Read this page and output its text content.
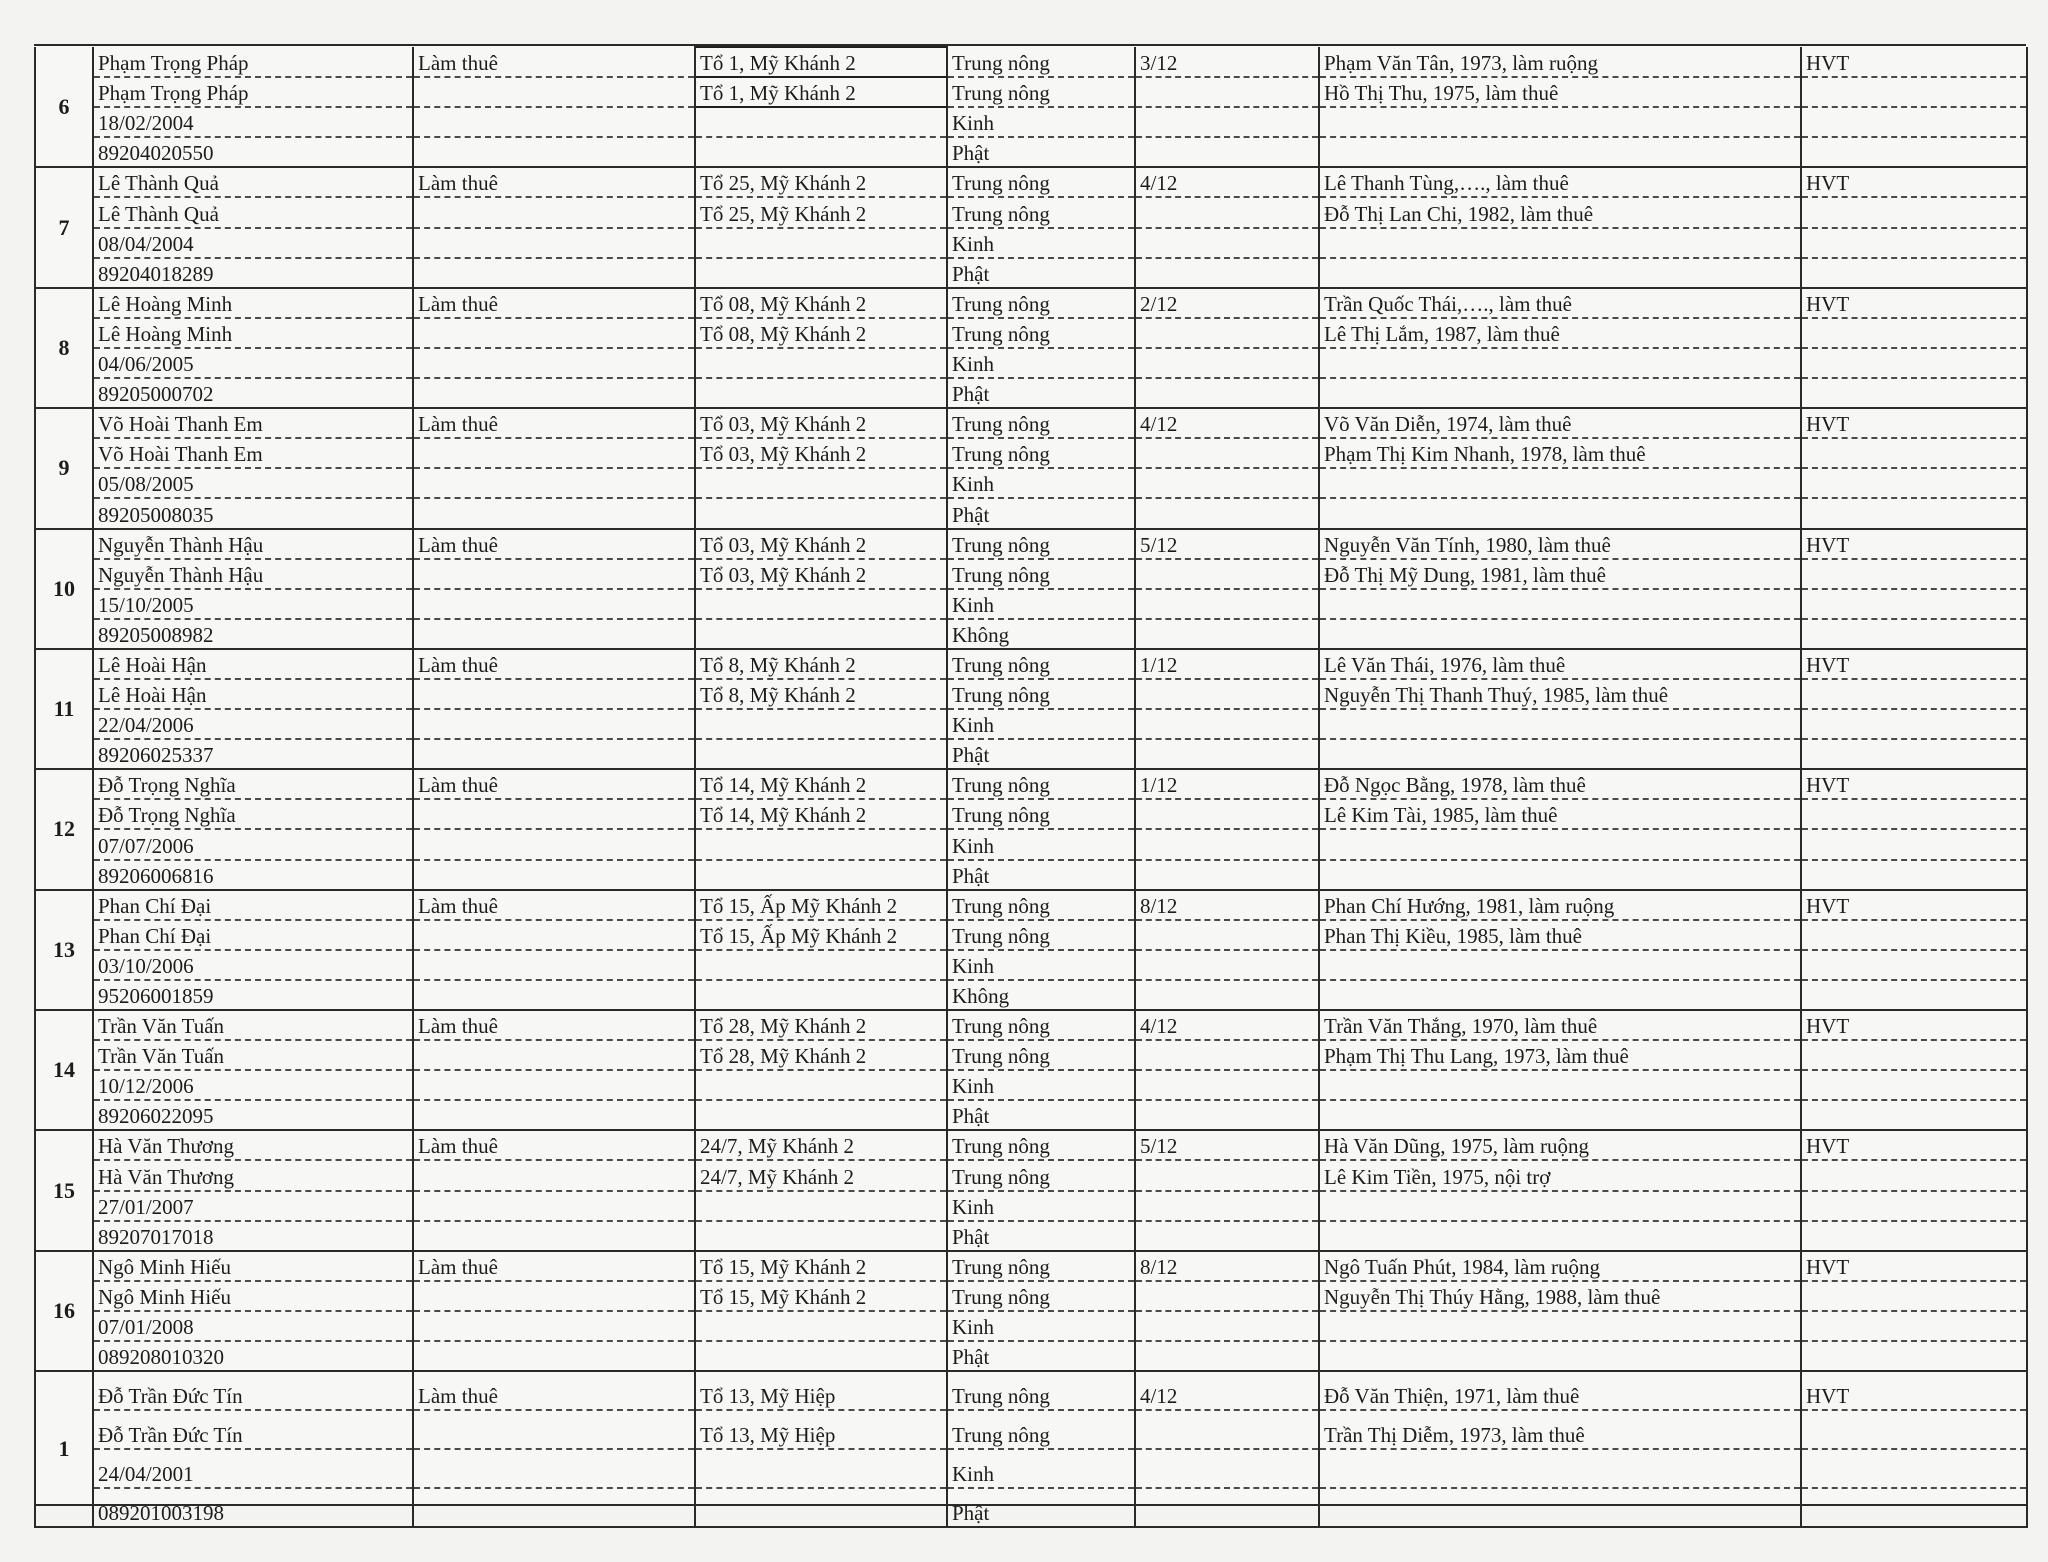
6	Phạm Trọng Pháp	Làm thuê	Tổ 1, Mỹ Khánh 2	Trung nông	3/12	Phạm Văn Tân, 1973, làm ruộng	HVT
	Phạm Trọng Pháp		Tổ 1, Mỹ Khánh 2	Trung nông		Hồ Thị Thu, 1975, làm thuê	
	18/02/2004			Kinh			
	89204020550			Phật			
7	Lê Thành Quả	Làm thuê	Tổ 25, Mỹ Khánh 2	Trung nông	4/12	Lê Thanh Tùng,…., làm thuê	HVT
	Lê Thành Quả		Tổ 25, Mỹ Khánh 2	Trung nông		Đỗ Thị Lan Chi, 1982, làm thuê	
	08/04/2004			Kinh			
	89204018289			Phật			
8	Lê Hoàng Minh	Làm thuê	Tổ 08, Mỹ Khánh 2	Trung nông	2/12	Trần Quốc Thái,…., làm thuê	HVT
	Lê Hoàng Minh		Tổ 08, Mỹ Khánh 2	Trung nông		Lê Thị Lắm, 1987, làm thuê	
	04/06/2005			Kinh			
	89205000702			Phật			
9	Võ Hoài Thanh Em	Làm thuê	Tổ 03, Mỹ Khánh 2	Trung nông	4/12	Võ Văn Diễn, 1974, làm thuê	HVT
	Võ Hoài Thanh Em		Tổ 03, Mỹ Khánh 2	Trung nông		Phạm Thị Kim Nhanh, 1978, làm thuê	
	05/08/2005			Kinh			
	89205008035			Phật			
10	Nguyễn Thành Hậu	Làm thuê	Tổ 03, Mỹ Khánh 2	Trung nông	5/12	Nguyễn Văn Tính, 1980, làm thuê	HVT
	Nguyễn Thành Hậu		Tổ 03, Mỹ Khánh 2	Trung nông		Đỗ Thị Mỹ Dung, 1981, làm thuê	
	15/10/2005			Kinh			
	89205008982			Không			
11	Lê Hoài Hận	Làm thuê	Tổ 8, Mỹ Khánh 2	Trung nông	1/12	Lê Văn Thái, 1976, làm thuê	HVT
	Lê Hoài Hận		Tổ 8, Mỹ Khánh 2	Trung nông		Nguyễn Thị Thanh Thuý, 1985, làm thuê	
	22/04/2006			Kinh			
	89206025337			Phật			
12	Đỗ Trọng Nghĩa	Làm thuê	Tổ 14, Mỹ Khánh 2	Trung nông	1/12	Đỗ Ngọc Bằng, 1978, làm thuê	HVT
	Đỗ Trọng Nghĩa		Tổ 14, Mỹ Khánh 2	Trung nông		Lê Kim Tài, 1985, làm thuê	
	07/07/2006			Kinh			
	89206006816			Phật			
13	Phan Chí Đại	Làm thuê	Tổ 15, Ấp Mỹ Khánh 2	Trung nông	8/12	Phan Chí Hướng, 1981, làm ruộng	HVT
	Phan Chí Đại		Tổ 15, Ấp Mỹ Khánh 2	Trung nông		Phan Thị Kiều, 1985, làm thuê	
	03/10/2006			Kinh			
	95206001859			Không			
14	Trần Văn Tuấn	Làm thuê	Tổ 28, Mỹ Khánh 2	Trung nông	4/12	Trần Văn Thắng, 1970, làm thuê	HVT
	Trần Văn Tuấn		Tổ 28, Mỹ Khánh 2	Trung nông		Phạm Thị Thu Lang, 1973, làm thuê	
	10/12/2006			Kinh			
	89206022095			Phật			
15	Hà Văn Thương	Làm thuê	24/7, Mỹ Khánh 2	Trung nông	5/12	Hà Văn Dũng, 1975, làm ruộng	HVT
	Hà Văn Thương		24/7, Mỹ Khánh 2	Trung nông		Lê Kim Tiền, 1975, nội trợ	
	27/01/2007			Kinh			
	89207017018			Phật			
16	Ngô Minh Hiếu	Làm thuê	Tổ 15, Mỹ Khánh 2	Trung nông	8/12	Ngô Tuấn Phút, 1984, làm ruộng	HVT
	Ngô Minh Hiếu		Tổ 15, Mỹ Khánh 2	Trung nông		Nguyễn Thị Thúy Hằng, 1988, làm thuê	
	07/01/2008			Kinh			
	089208010320			Phật			
1	Đỗ Trần Đức Tín	Làm thuê	Tổ 13, Mỹ Hiệp	Trung nông	4/12	Đỗ Văn Thiện, 1971, làm thuê	HVT
	Đỗ Trần Đức Tín		Tổ 13, Mỹ Hiệp	Trung nông		Trần Thị Diễm, 1973, làm thuê	
	24/04/2001			Kinh			
	089201003198			Phật			
